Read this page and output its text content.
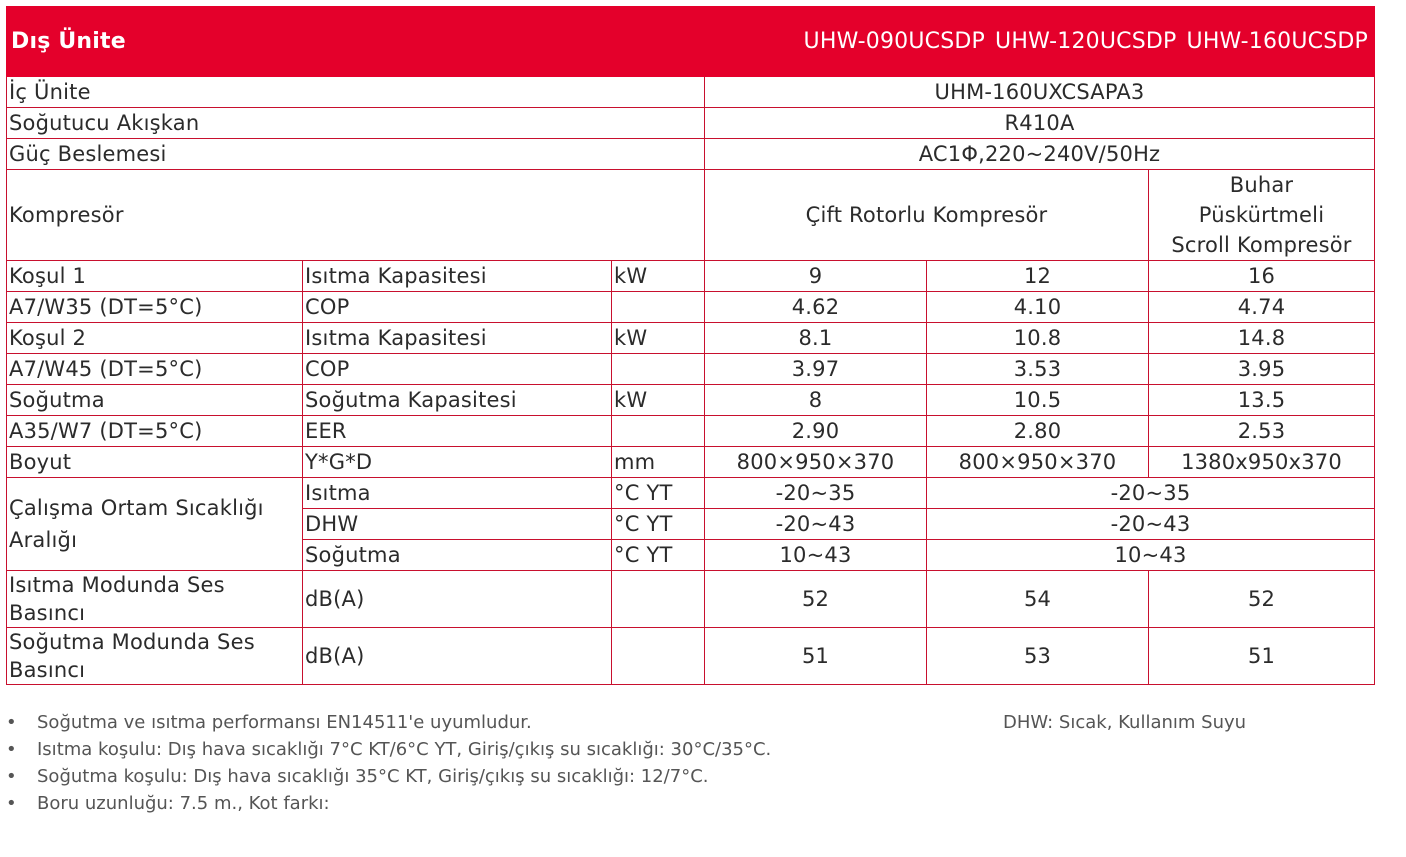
Dış Ünite			UHW-090UCSDP UHW-120UCSDP UHW-160UCSDP		
İç Ünite			UHM-160UXCSAPA3		
Soğutucu Akışkan			R410A		
Güç Beslemesi			AC1Φ,220~240V/50Hz		
Kompresör			Çift Rotorlu Kompresör		Buhar
Püskürtmeli
Scroll Kompresör
Koşul 1	Isıtma Kapasitesi	kW	9	12	16
A7/W35 (DT=5°C)	COP		4.62	4.10	4.74
Koşul 2	Isıtma Kapasitesi	kW	8.1	10.8	14.8
A7/W45 (DT=5°C)	COP		3.97	3.53	3.95
Soğutma	Soğutma Kapasitesi	kW	8	10.5	13.5
A35/W7 (DT=5°C)	EER		2.90	2.80	2.53
Boyut	Y*G*D	mm	800×950×370	800×950×370	1380x950x370
Çalışma Ortam Sıcaklığı Aralığı	Isıtma	°C YT	-20~35	-20~35	
	DHW	°C YT	-20~43	-20~43	
	Soğutma	°C YT	10~43	10~43	
Isıtma Modunda Ses Basıncı	dB(A)		52	54	52
Soğutma Modunda Ses Basıncı	dB(A)		51	53	51
• Soğutma ve ısıtma performansı EN14511'e uyumludur.	DHW: Sıcak, Kullanım Suyu
• Isıtma koşulu: Dış hava sıcaklığı 7°C KT/6°C YT, Giriş/çıkış su sıcaklığı: 30°C/35°C.
• Soğutma koşulu: Dış hava sıcaklığı 35°C KT, Giriş/çıkış su sıcaklığı: 12/7°C.
• Boru uzunluğu: 7.5 m., Kot farkı:
